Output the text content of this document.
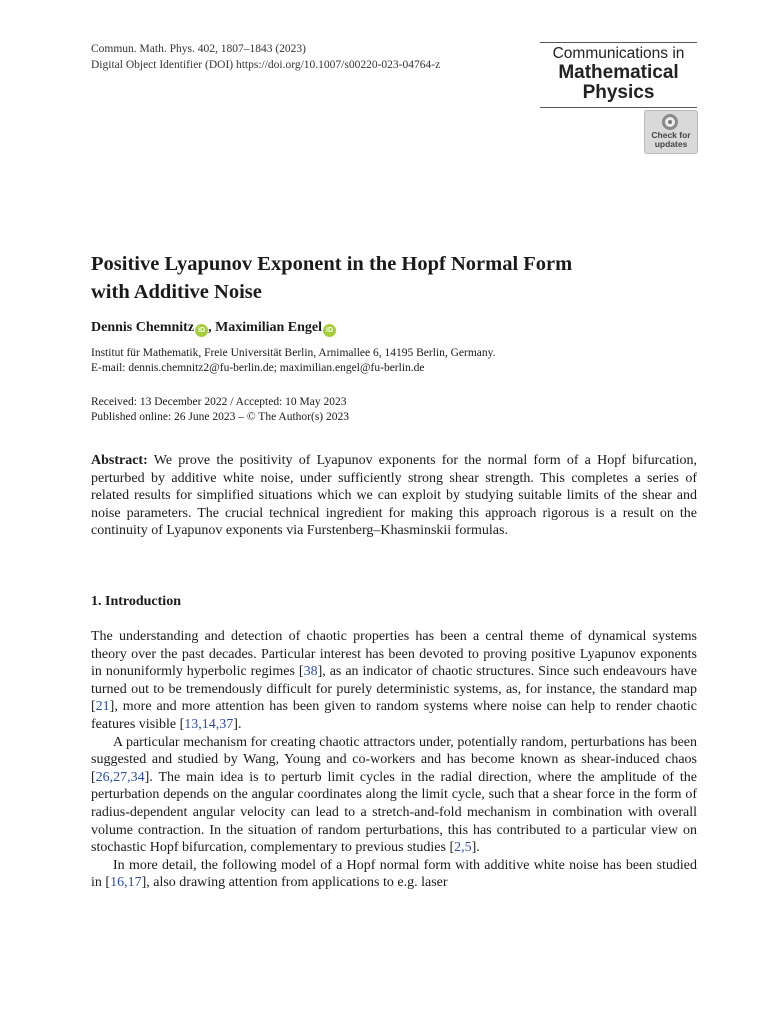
Commun. Math. Phys. 402, 1807–1843 (2023)
Digital Object Identifier (DOI) https://doi.org/10.1007/s00220-023-04764-z
Communications in
Mathematical
Physics
Check for
updates
Positive Lyapunov Exponent in the Hopf Normal Form
with Additive Noise
Dennis Chemnitz iD , Maximilian Engel iD
Institut für Mathematik, Freie Universität Berlin, Arnimallee 6, 14195 Berlin, Germany.
E-mail: dennis.chemnitz2@fu-berlin.de; maximilian.engel@fu-berlin.de
Received: 13 December 2022 / Accepted: 10 May 2023
Published online: 26 June 2023 – © The Author(s) 2023
Abstract: We prove the positivity of Lyapunov exponents for the normal form of a Hopf bifurcation, perturbed by additive white noise, under sufficiently strong shear strength. This completes a series of related results for simplified situations which we can exploit by studying suitable limits of the shear and noise parameters. The crucial technical ingredient for making this approach rigorous is a result on the continuity of Lyapunov exponents via Furstenberg–Khasminskii formulas.
1. Introduction

The understanding and detection of chaotic properties has been a central theme of dynamical systems theory over the past decades. Particular interest has been devoted to proving positive Lyapunov exponents in nonuniformly hyperbolic regimes [38], as an indicator of chaotic structures. Since such endeavours have turned out to be tremendously difficult for purely deterministic systems, as, for instance, the standard map [21], more and more attention has been given to random systems where noise can help to render chaotic features visible [13,14,37].

A particular mechanism for creating chaotic attractors under, potentially random, perturbations has been suggested and studied by Wang, Young and co-workers and has become known as shear-induced chaos [26,27,34]. The main idea is to perturb limit cycles in the radial direction, where the amplitude of the perturbation depends on the angular coordinates along the limit cycle, such that a shear force in the form of radius-dependent angular velocity can lead to a stretch-and-fold mechanism in combination with overall volume contraction. In the situation of random perturbations, this has contributed to a particular view on stochastic Hopf bifurcation, complementary to previous studies [2,5].

In more detail, the following model of a Hopf normal form with additive white noise has been studied in [16,17], also drawing attention from applications to e.g. laser
